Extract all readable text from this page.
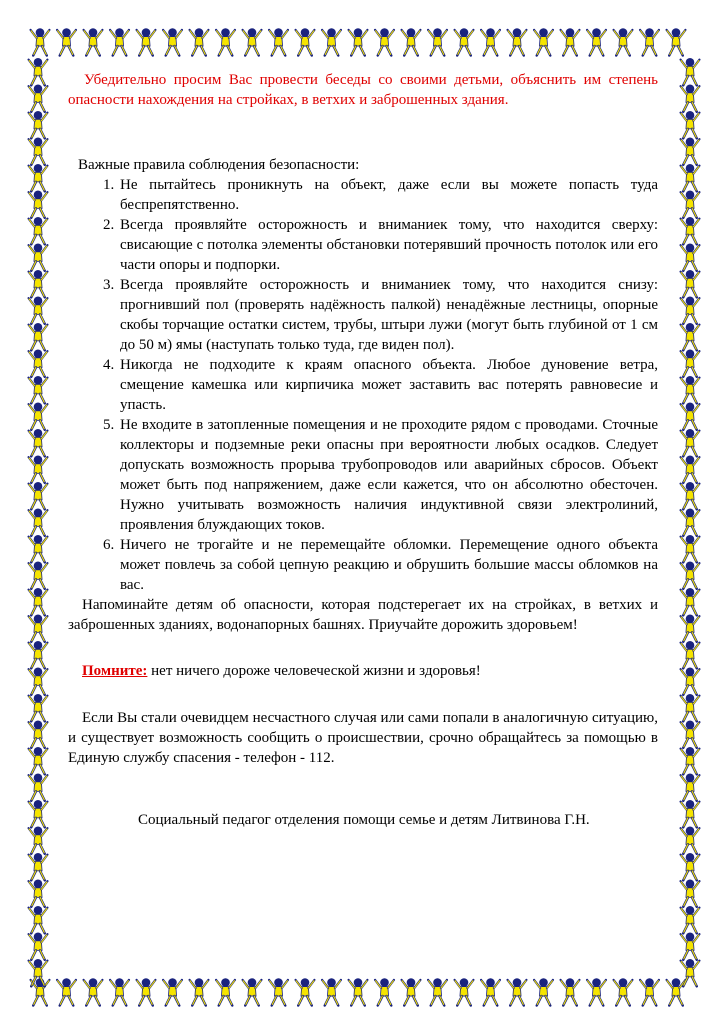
Убедительно просим Вас провести беседы со своими детьми, объяснить им степень опасности нахождения на стройках, в ветхих и заброшенных здания.

Важные правила соблюдения безопасности:
1. Не пытайтесь проникнуть на объект, даже если вы можете попасть туда беспрепятственно.
2. Всегда проявляйте осторожность и вниманиек тому, что находится сверху: свисающие с потолка элементы обстановки потерявший прочность потолок или его части опоры и подпорки.
3. Всегда проявляйте осторожность и вниманиек тому, что находится снизу: прогнивший пол (проверять надёжность палкой) ненадёжные лестницы, опорные скобы торчащие остатки систем, трубы, штыри лужи (могут быть глубиной от 1 см до 50 м) ямы (наступать только туда, где виден пол).
4. Никогда не подходите к краям опасного объекта. Любое дуновение ветра, смещение камешка или кирпичика может заставить вас потерять равновесие и упасть.
5. Не входите в затопленные помещения и не проходите рядом с проводами. Сточные коллекторы и подземные реки опасны при вероятности любых осадков. Следует допускать возможность прорыва трубопроводов или аварийных сбросов. Объект может быть под напряжением, даже если кажется, что он абсолютно обесточен. Нужно учитывать возможность наличия индуктивной связи электролиний, проявления блуждающих токов.
6. Ничего не трогайте и не перемещайте обломки. Перемещение одного объекта может повлечь за собой цепную реакцию и обрушить большие массы обломков на вас.

Напоминайте детям об опасности, которая подстерегает их на стройках, в ветхих и заброшенных зданиях, водонапорных башнях. Приучайте дорожить здоровьем!

Помните: нет ничего дороже человеческой жизни и здоровья!

Если Вы стали очевидцем несчастного случая или сами попали в аналогичную ситуацию, и существует возможность сообщить о происшествии, срочно обращайтесь за помощью в Единую службу спасения - телефон - 112.

Социальный педагог отделения помощи семье и детям Литвинова Г.Н.
